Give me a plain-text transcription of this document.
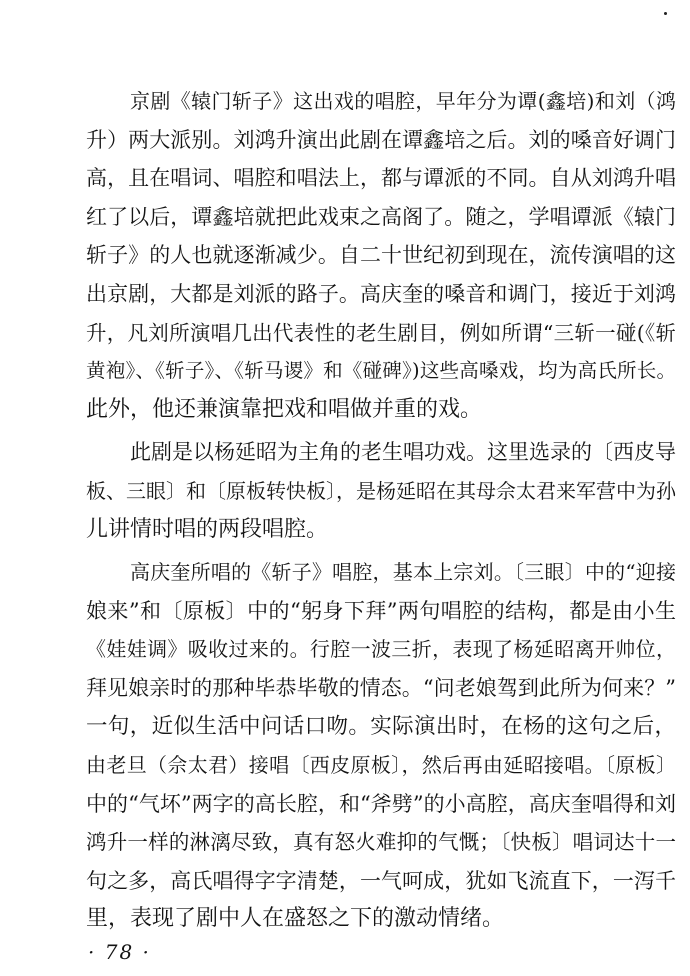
京剧《辕门斩子》这出戏的唱腔，早年分为谭(鑫培)和刘（鸿
升）两大派别。刘鸿升演出此剧在谭鑫培之后。刘的嗓音好调门
高，且在唱词、唱腔和唱法上，都与谭派的不同。自从刘鸿升唱
红了以后，谭鑫培就把此戏束之高阁了。随之，学唱谭派《辕门
斩子》的人也就逐渐减少。自二十世纪初到现在，流传演唱的这
出京剧，大都是刘派的路子。高庆奎的嗓音和调门，接近于刘鸿
升，凡刘所演唱几出代表性的老生剧目，例如所谓“三斩一碰(《斩
黄袍》、《斩子》、《斩马谡》和《碰碑》)这些高嗓戏，均为高氏所长。
此外，他还兼演靠把戏和唱做并重的戏。
此剧是以杨延昭为主角的老生唱功戏。这里选录的〔西皮导
板、三眼〕和〔原板转快板〕，是杨延昭在其母佘太君来军营中为孙
儿讲情时唱的两段唱腔。
高庆奎所唱的《斩子》唱腔，基本上宗刘。〔三眼〕中的“迎接
娘来”和〔原板〕中的“躬身下拜”两句唱腔的结构，都是由小生
《娃娃调》吸收过来的。行腔一波三折，表现了杨延昭离开帅位，
拜见娘亲时的那种毕恭毕敬的情态。“问老娘驾到此所为何来？”
一句，近似生活中问话口吻。实际演出时，在杨的这句之后，
由老旦（佘太君）接唱〔西皮原板〕，然后再由延昭接唱。〔原板〕
中的“气坏”两字的高长腔，和“斧劈”的小高腔，高庆奎唱得和刘
鸿升一样的淋漓尽致，真有怒火难抑的气慨；〔快板〕唱词达十一
句之多，高氏唱得字字清楚，一气呵成，犹如飞流直下，一泻千
里，表现了剧中人在盛怒之下的激动情绪。
· 78 ·
